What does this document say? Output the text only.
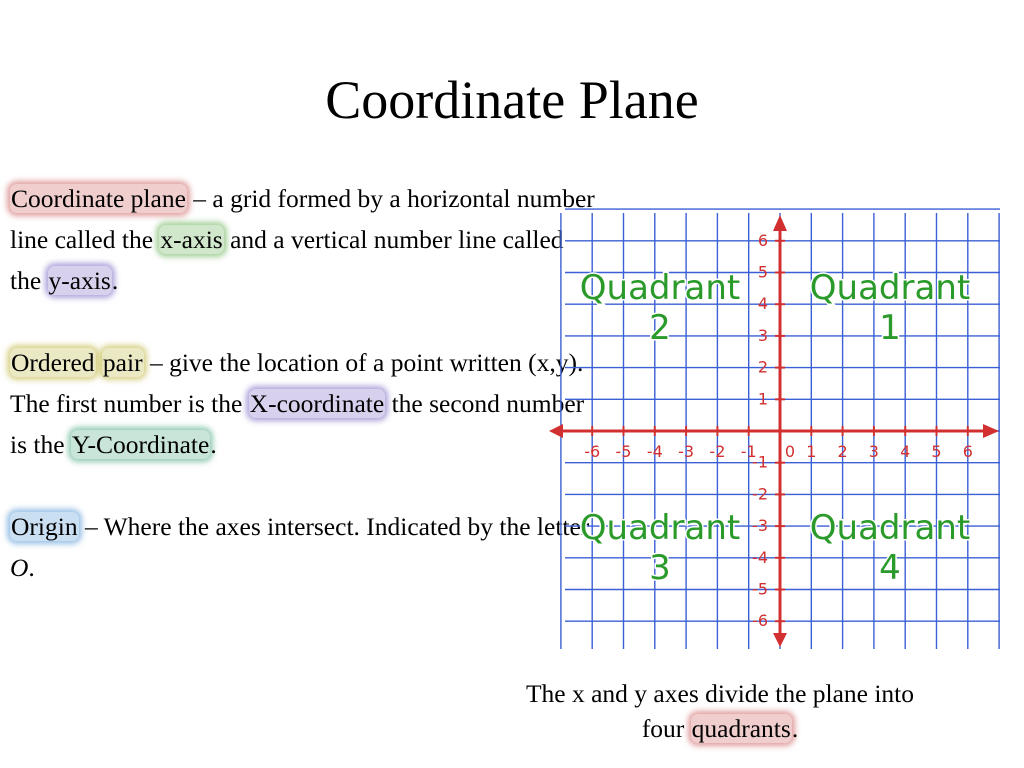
Coordinate Plane

Coordinate plane – a grid formed by a horizontal number line called the x-axis and a vertical number line called the y-axis.

Ordered pair – give the location of a point written (x,y). The first number is the X-coordinate the second number is the Y-Coordinate.

Origin – Where the axes intersect. Indicated by the letter O.

-6 -5 -4 -3 -2 -1	1 2 3 4 5 6
6
5
4
3
2
1
-1
-2
-3
-4
-5
-6
0
Quadrant
2
Quadrant
1
Quadrant
3
Quadrant
4
The x and y axes divide the plane into four quadrants.
